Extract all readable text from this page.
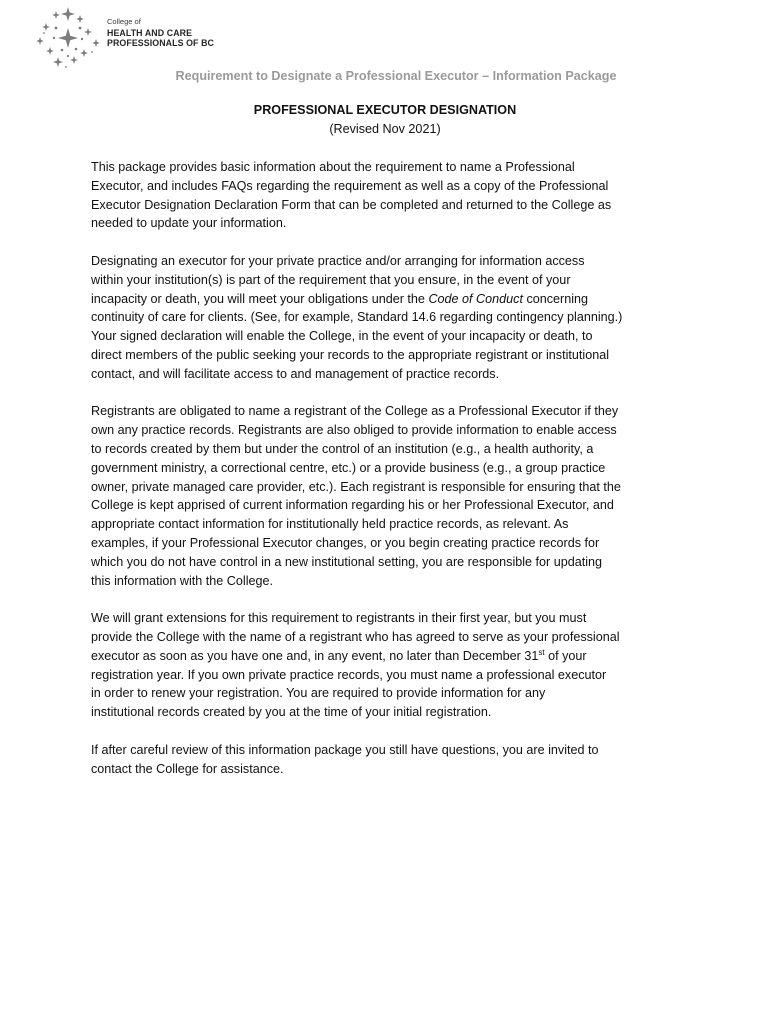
College of
HEALTH AND CARE
PROFESSIONALS OF BC
Requirement to Designate a Professional Executor – Information Package
PROFESSIONAL EXECUTOR DESIGNATION
(Revised Nov 2021)
This package provides basic information about the requirement to name a Professional
Executor, and includes FAQs regarding the requirement as well as a copy of the Professional
Executor Designation Declaration Form that can be completed and returned to the College as
needed to update your information.
Designating an executor for your private practice and/or arranging for information access
within your institution(s) is part of the requirement that you ensure, in the event of your
incapacity or death, you will meet your obligations under the Code of Conduct concerning
continuity of care for clients. (See, for example, Standard 14.6 regarding contingency planning.)
Your signed declaration will enable the College, in the event of your incapacity or death, to
direct members of the public seeking your records to the appropriate registrant or institutional
contact, and will facilitate access to and management of practice records.
Registrants are obligated to name a registrant of the College as a Professional Executor if they
own any practice records. Registrants are also obliged to provide information to enable access
to records created by them but under the control of an institution (e.g., a health authority, a
government ministry, a correctional centre, etc.) or a provide business (e.g., a group practice
owner, private managed care provider, etc.). Each registrant is responsible for ensuring that the
College is kept apprised of current information regarding his or her Professional Executor, and
appropriate contact information for institutionally held practice records, as relevant. As
examples, if your Professional Executor changes, or you begin creating practice records for
which you do not have control in a new institutional setting, you are responsible for updating
this information with the College.
We will grant extensions for this requirement to registrants in their first year, but you must
provide the College with the name of a registrant who has agreed to serve as your professional
executor as soon as you have one and, in any event, no later than December 31st of your
registration year. If you own private practice records, you must name a professional executor
in order to renew your registration. You are required to provide information for any
institutional records created by you at the time of your initial registration.
If after careful review of this information package you still have questions, you are invited to
contact the College for assistance.
